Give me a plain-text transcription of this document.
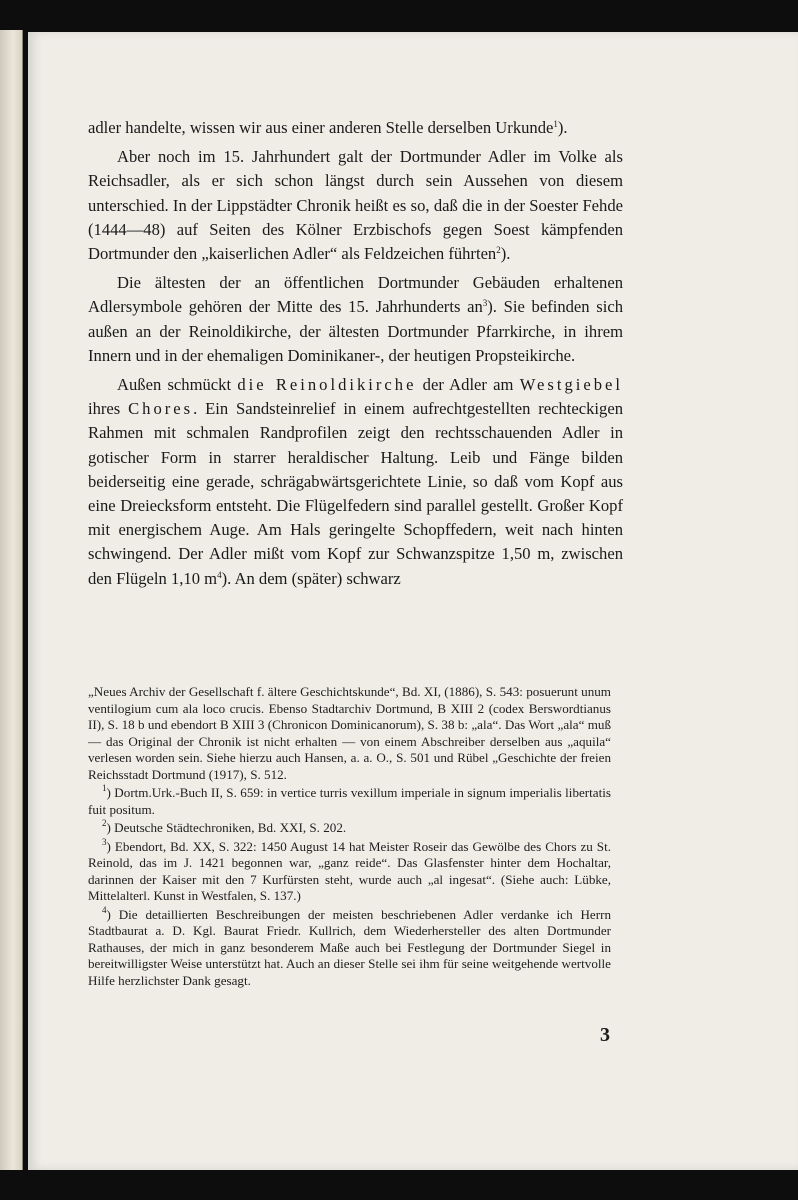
adler handelte, wissen wir aus einer anderen Stelle derselben Urkunde$^1$).

Aber noch im 15. Jahrhundert galt der Dortmunder Adler im Volke als Reichsadler, als er sich schon längst durch sein Aussehen von diesem unterschied. In der Lippstädter Chronik heißt es so, daß die in der Soester Fehde (1444—48) auf Seiten des Kölner Erzbischofs gegen Soest kämpfenden Dortmunder den „kaiserlichen Adler“ als Feldzeichen führten$^2$).

Die ältesten der an öffentlichen Dortmunder Gebäuden erhaltenen Adlersymbole gehören der Mitte des 15. Jahrhunderts $an^3$). Sie befinden sich außen an der Reinoldikirche, der ältesten Dortmunder Pfarrkirche, in ihrem Innern und in der ehemaligen Dominikaner-, der heutigen Propsteikirche.

Außen schmückt die Reinoldikirche der Adler am Westgiebel ihres Chores. Ein Sandsteinrelief in einem aufrechtgestellten rechteckigen Rahmen mit schmalen Randprofilen zeigt den rechtsschauenden Adler in gotischer Form in starrer heraldischer Haltung. Leib und Fänge bilden beiderseitig eine gerade, schrägabwärtsgerichtete Linie, so daß vom Kopf aus eine Dreiecksform entsteht. Die Flügelfedern sind parallel gestellt. Großer Kopf mit energischem Auge. Am Hals geringelte Schopffedern, weit nach hinten schwingend. Der Adler mißt vom Kopf zur Schwanzspitze 1,50 m, zwischen den Flügeln 1,10 $m^4$). An dem (später) schwarz

„Neues Archiv der Gesellschaft f. ältere Geschichtskunde“, Bd. XI, (1886), S. 543: posuerunt unum ventilogium cum ala loco crucis. Ebenso Stadtarchiv Dortmund, B XIII 2 (codex Berswordtianus II), S. 18 b und ebendort B XIII 3 (Chronicon Dominicanorum), S. 38 b: „ala“. Das Wort „ala“ muß — das Original der Chronik ist nicht erhalten — von einem Abschreiber derselben aus „aquila“ verlesen worden sein. Siehe hierzu auch Hansen, a. a. O., S. 501 und Rübel „Geschichte der freien Reichsstadt Dortmund (1917), S. 512.

$^1$) Dortm.Urk.-Buch II, S. 659: in vertice turris vexillum imperiale in signum imperialis libertatis fuit positum.

$^2$) Deutsche Städtechroniken, Bd. XXI, S. 202.

$^3$) Ebendort, Bd. XX, S. 322: 1450 August 14 hat Meister Roseir das Gewölbe des Chors zu St. Reinold, das im J. 1421 begonnen war, „ganz reide“. Das Glasfenster hinter dem Hochaltar, darinnen der Kaiser mit den 7 Kurfürsten steht, wurde auch „al ingesat“. (Siehe auch: Lübke, Mittelalterl. Kunst in Westfalen, S. 137.)

$^4$) Die detaillierten Beschreibungen der meisten beschriebenen Adler verdanke ich Herrn Stadtbaurat a. D. Kgl. Baurat Friedr. Kullrich, dem Wiederhersteller des alten Dortmunder Rathauses, der mich in ganz besonderem Maße auch bei Festlegung der Dortmunder Siegel in bereitwilligster Weise unterstützt hat. Auch an dieser Stelle sei ihm für seine weitgehende wertvolle Hilfe herzlichster Dank gesagt.

3
